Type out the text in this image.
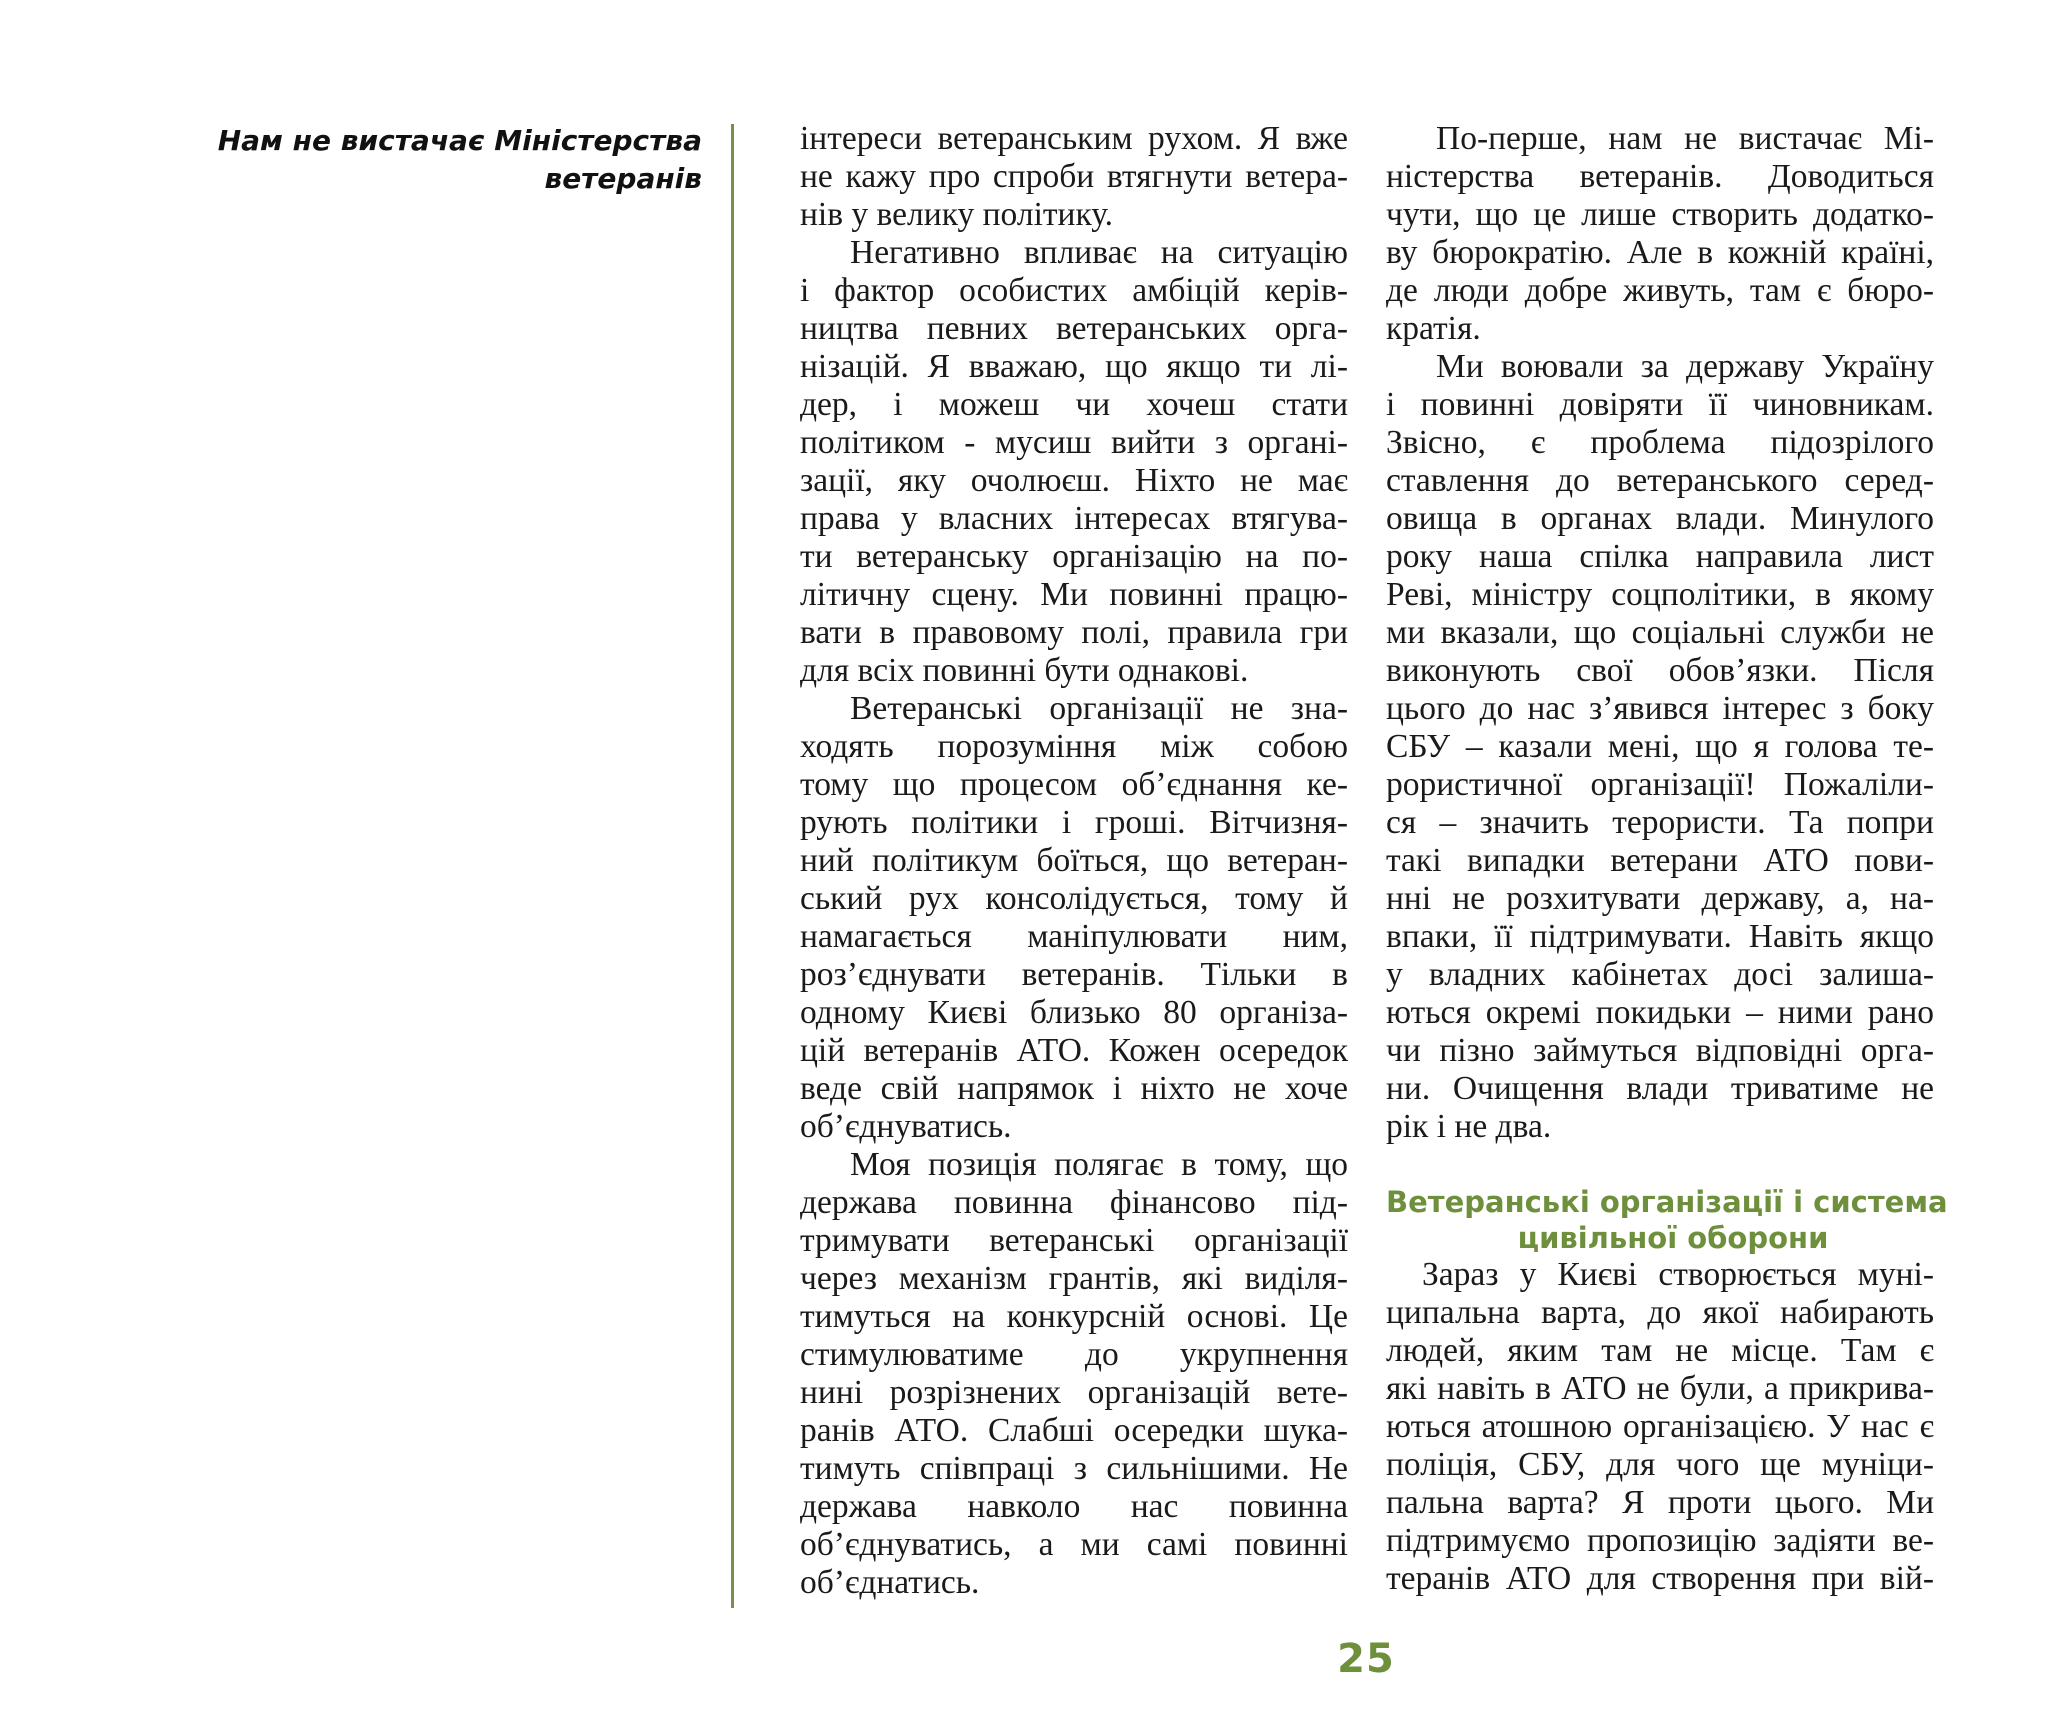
Нам не вистачає Міністерства
ветеранів
інтереси ветеранським рухом. Я вже
не кажу про спроби втягнути ветера-
нів у велику політику.
Негативно впливає на ситуацію
і фактор особистих амбіцій керів-
ництва певних ветеранських орга-
нізацій. Я вважаю, що якщо ти лі-
дер, і можеш чи хочеш стати
політиком - мусиш вийти з органі-
зації, яку очолюєш. Ніхто не має
права у власних інтересах втягува-
ти ветеранську організацію на по-
літичну сцену. Ми повинні працю-
вати в правовому полі, правила гри
для всіх повинні бути однакові.
Ветеранські організації не зна-
ходять порозуміння між собою
тому що процесом об’єднання ке-
рують політики і гроші. Вітчизня-
ний політикум боїться, що ветеран-
ський рух консолідується, тому й
намагається маніпулювати ним,
роз’єднувати ветеранів. Тільки в
одному Києві близько 80 організа-
цій ветеранів АТО. Кожен осередок
веде свій напрямок і ніхто не хоче
об’єднуватись.
Моя позиція полягає в тому, що
держава повинна фінансово під-
тримувати ветеранські організації
через механізм грантів, які виділя-
тимуться на конкурсній основі. Це
стимулюватиме до укрупнення
нині розрізнених організацій вете-
ранів АТО. Слабші осередки шука-
тимуть співпраці з сильнішими. Не
держава навколо нас повинна
об’єднуватись, а ми самі повинні
об’єднатись.
По-перше, нам не вистачає Мі-
ністерства ветеранів. Доводиться
чути, що це лише створить додатко-
ву бюрократію. Але в кожній країні,
де люди добре живуть, там є бюро-
кратія.
Ми воювали за державу Україну
і повинні довіряти її чиновникам.
Звісно, є проблема підозрілого
ставлення до ветеранського серед-
овища в органах влади. Минулого
року наша спілка направила лист
Реві, міністру соцполітики, в якому
ми вказали, що соціальні служби не
виконують свої обов’язки. Після
цього до нас з’явився інтерес з боку
СБУ – казали мені, що я голова те-
рористичної організації! Пожаліли-
ся – значить терористи. Та попри
такі випадки ветерани АТО пови-
нні не розхитувати державу, а, на-
впаки, її підтримувати. Навіть якщо
у владних кабінетах досі залиша-
ються окремі покидьки – ними рано
чи пізно займуться відповідні орга-
ни. Очищення влади триватиме не
рік і не два.
Ветеранські організації і система
цивільної оборони
Зараз у Києві створюється муні-
ципальна варта, до якої набирають
людей, яким там не місце. Там є
які навіть в АТО не були, а прикрива-
ються атошною організацією. У нас є
поліція, СБУ, для чого ще муніци-
пальна варта? Я проти цього. Ми
підтримуємо пропозицію задіяти ве-
теранів АТО для створення при вій-
25
